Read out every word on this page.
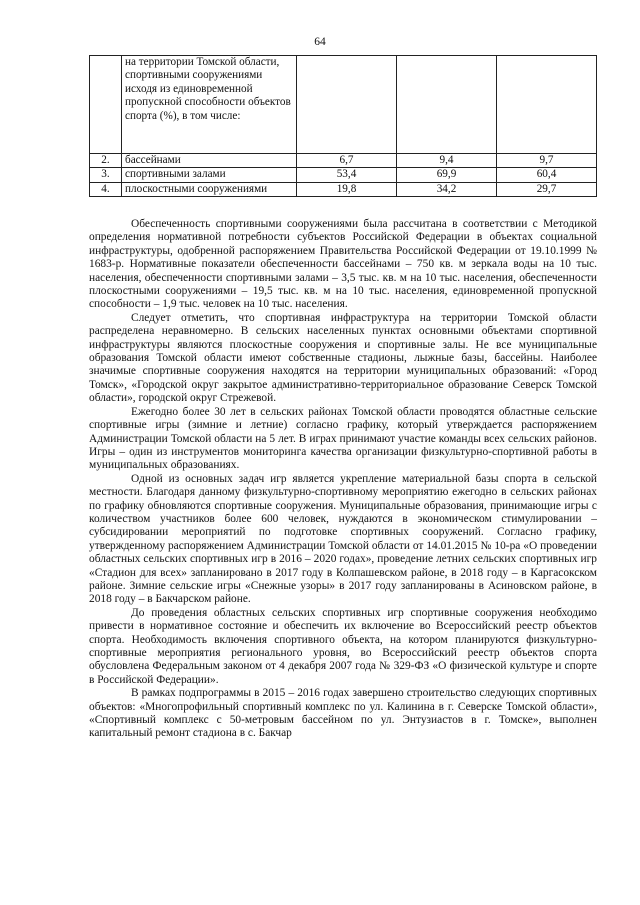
64
	на территории Томской области, спортивными сооружениями исходя из единовременной пропускной способности объектов спорта (%), в том числе:			
2.	бассейнами	6,7	9,4	9,7
3.	спортивными залами	53,4	69,9	60,4
4.	плоскостными сооружениями	19,8	34,2	29,7

Обеспеченность спортивными сооружениями была рассчитана в соответствии с Методикой определения нормативной потребности субъектов Российской Федерации в объектах социальной инфраструктуры, одобренной распоряжением Правительства Российской Федерации от 19.10.1999 № 1683-р. Нормативные показатели обеспеченности бассейнами – 750 кв. м зеркала воды на 10 тыс. населения, обеспеченности спортивными залами – 3,5 тыс. кв. м на 10 тыс. населения, обеспеченности плоскостными сооружениями – 19,5 тыс. кв. м на 10 тыс. населения, единовременной пропускной способности – 1,9 тыс. человек на 10 тыс. населения.

Следует отметить, что спортивная инфраструктура на территории Томской области распределена неравномерно. В сельских населенных пунктах основными объектами спортивной инфраструктуры являются плоскостные сооружения и спортивные залы. Не все муниципальные образования Томской области имеют собственные стадионы, лыжные базы, бассейны. Наиболее значимые спортивные сооружения находятся на территории муниципальных образований: «Город Томск», «Городской округ закрытое административно-территориальное образование Северск Томской области», городской округ Стрежевой.

Ежегодно более 30 лет в сельских районах Томской области проводятся областные сельские спортивные игры (зимние и летние) согласно графику, который утверждается распоряжением Администрации Томской области на 5 лет. В играх принимают участие команды всех сельских районов. Игры – один из инструментов мониторинга качества организации физкультурно-спортивной работы в муниципальных образованиях.

Одной из основных задач игр является укрепление материальной базы спорта в сельской местности. Благодаря данному физкультурно-спортивному мероприятию ежегодно в сельских районах по графику обновляются спортивные сооружения. Муниципальные образования, принимающие игры с количеством участников более 600 человек, нуждаются в экономическом стимулировании – субсидировании мероприятий по подготовке спортивных сооружений. Согласно графику, утвержденному распоряжением Администрации Томской области от 14.01.2015 № 10-ра «О проведении областных сельских спортивных игр в 2016 – 2020 годах», проведение летних сельских спортивных игр «Стадион для всех» запланировано в 2017 году в Колпашевском районе, в 2018 году – в Каргасокском районе. Зимние сельские игры «Снежные узоры» в 2017 году запланированы в Асиновском районе, в 2018 году – в Бакчарском районе.

До проведения областных сельских спортивных игр спортивные сооружения необходимо привести в нормативное состояние и обеспечить их включение во Всероссийский реестр объектов спорта. Необходимость включения спортивного объекта, на котором планируются физкультурно-спортивные мероприятия регионального уровня, во Всероссийский реестр объектов спорта обусловлена Федеральным законом от 4 декабря 2007 года № 329-ФЗ «О физической культуре и спорте в Российской Федерации».

В рамках подпрограммы в 2015 – 2016 годах завершено строительство следующих спортивных объектов: «Многопрофильный спортивный комплекс по ул. Калинина в г. Северске Томской области», «Спортивный комплекс с 50-метровым бассейном по ул. Энтузиастов в г. Томске», выполнен капитальный ремонт стадиона в с. Бакчар
